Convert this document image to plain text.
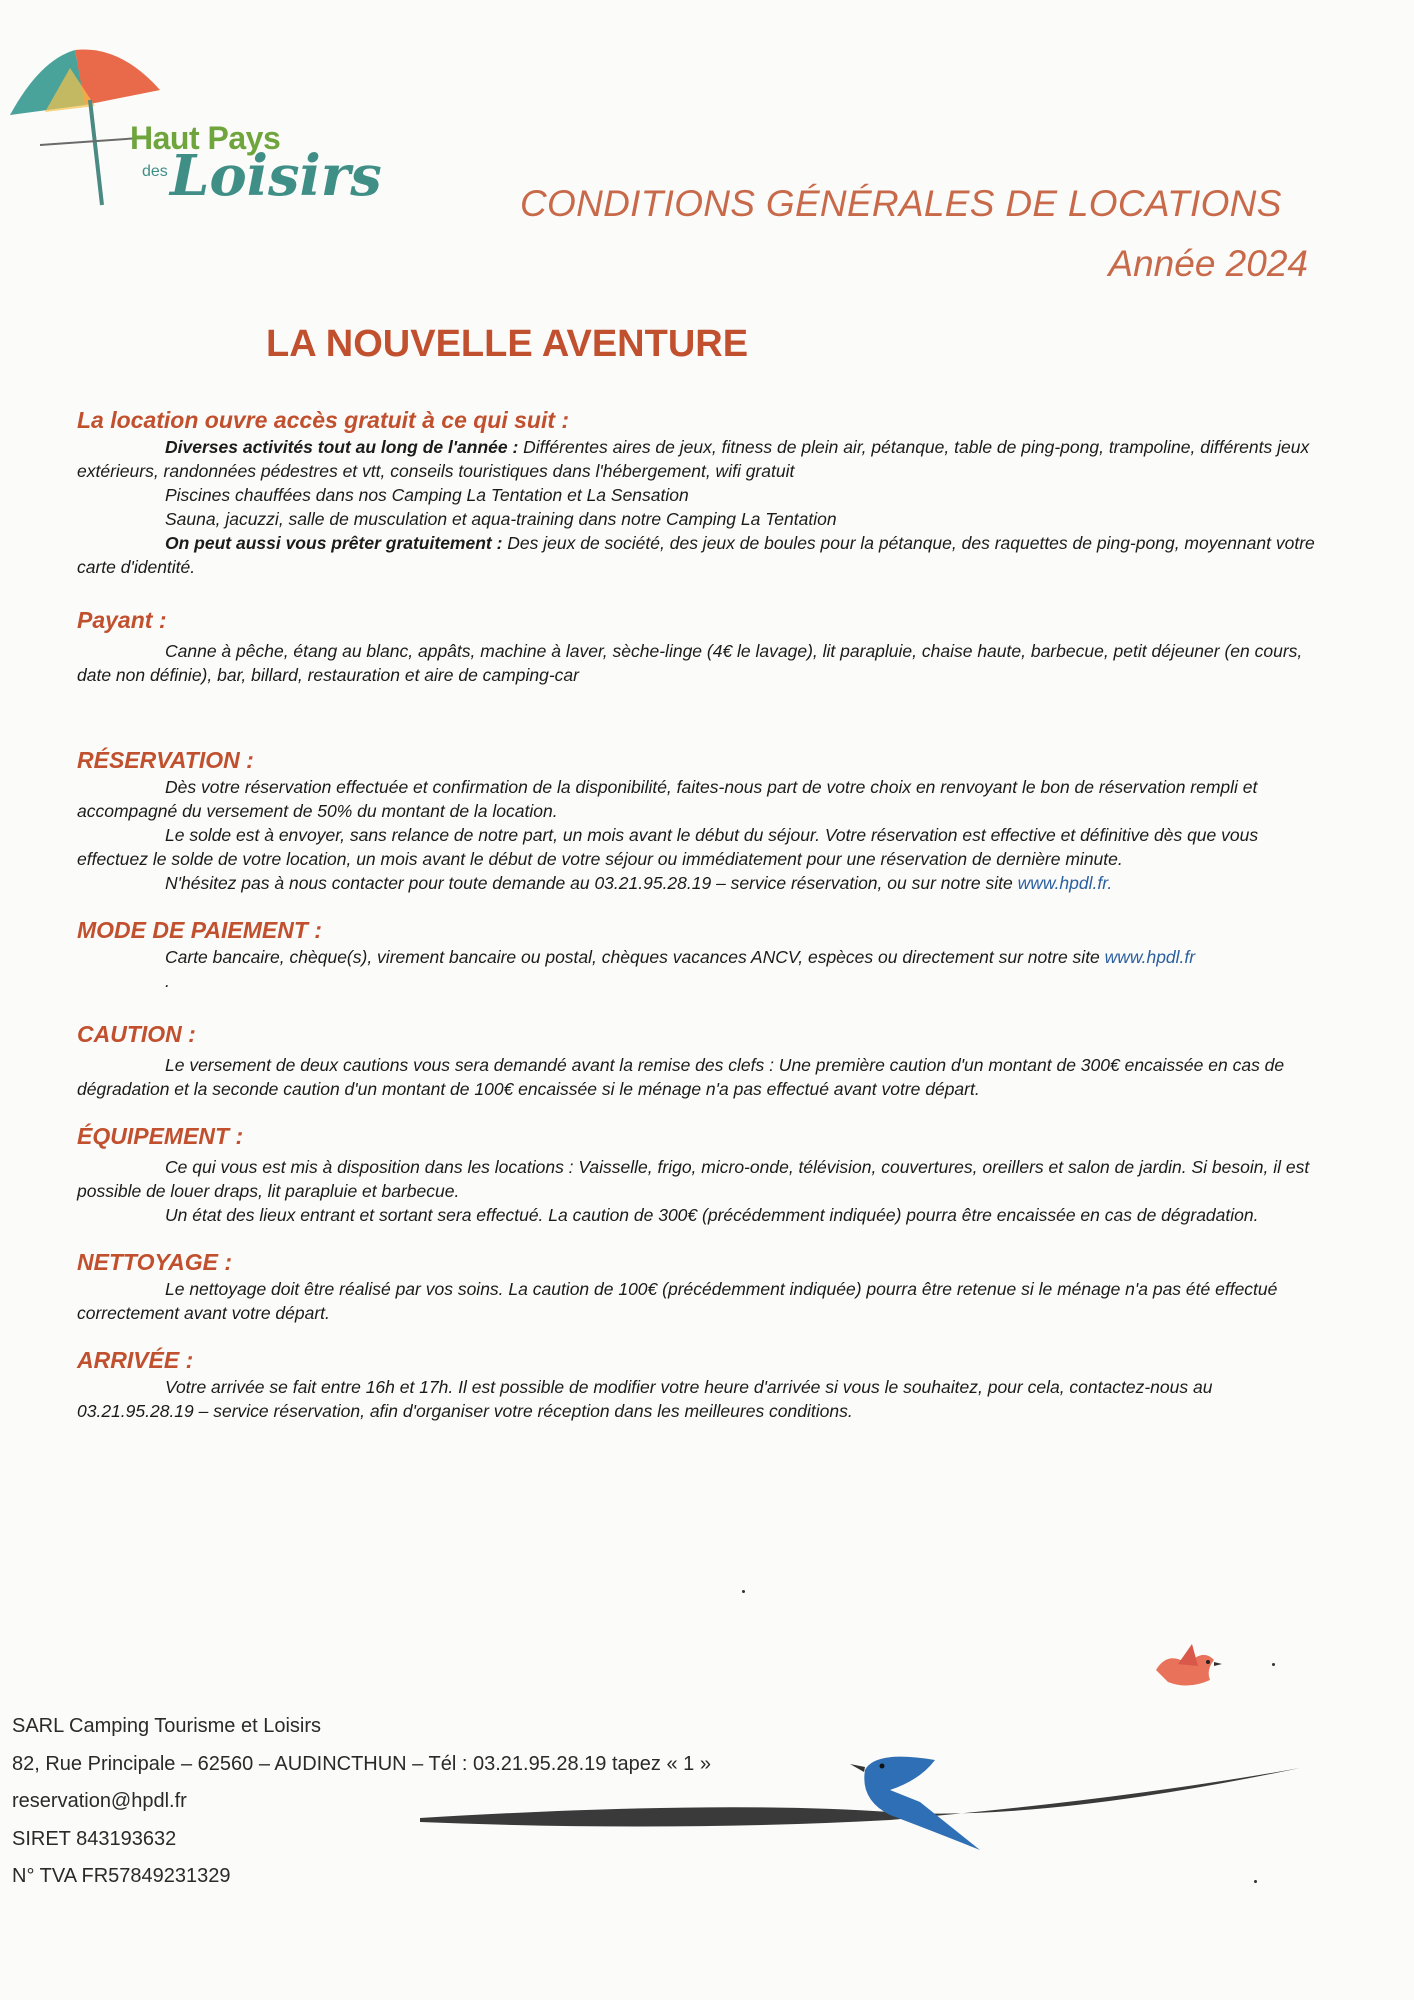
Haut Pays
des Loisirs	CONDITIONS GÉNÉRALES DE LOCATIONS
Année 2024
LA NOUVELLE AVENTURE
La location ouvre accès gratuit à ce qui suit :

Diverses activités tout au long de l'année : Différentes aires de jeux, fitness de plein air, pétanque, table de ping-pong, trampoline, différents jeux extérieurs, randonnées pédestres et vtt, conseils touristiques dans l'hébergement, wifi gratuit

Piscines chauffées dans nos Camping La Tentation et La Sensation

Sauna, jacuzzi, salle de musculation et aqua-training dans notre Camping La Tentation

On peut aussi vous prêter gratuitement : Des jeux de société, des jeux de boules pour la pétanque, des raquettes de ping-pong, moyennant votre carte d'identité.

Payant :

Canne à pêche, étang au blanc, appâts, machine à laver, sèche-linge (4€ le lavage), lit parapluie, chaise haute, barbecue, petit déjeuner (en cours, date non définie), bar, billard, restauration et aire de camping-car

RÉSERVATION :

Dès votre réservation effectuée et confirmation de la disponibilité, faites-nous part de votre choix en renvoyant le bon de réservation rempli et accompagné du versement de 50% du montant de la location.

Le solde est à envoyer, sans relance de notre part, un mois avant le début du séjour. Votre réservation est effective et définitive dès que vous effectuez le solde de votre location, un mois avant le début de votre séjour ou immédiatement pour une réservation de dernière minute.

N'hésitez pas à nous contacter pour toute demande au 03.21.95.28.19 – service réservation, ou sur notre site www.hpdl.fr.

MODE DE PAIEMENT :

Carte bancaire, chèque(s), virement bancaire ou postal, chèques vacances ANCV, espèces ou directement sur notre site www.hpdl.fr

.

CAUTION :

Le versement de deux cautions vous sera demandé avant la remise des clefs : Une première caution d'un montant de 300€ encaissée en cas de dégradation et la seconde caution d'un montant de 100€ encaissée si le ménage n'a pas effectué avant votre départ.

ÉQUIPEMENT :

Ce qui vous est mis à disposition dans les locations : Vaisselle, frigo, micro-onde, télévision, couvertures, oreillers et salon de jardin. Si besoin, il est possible de louer draps, lit parapluie et barbecue.

Un état des lieux entrant et sortant sera effectué. La caution de 300€ (précédemment indiquée) pourra être encaissée en cas de dégradation.

NETTOYAGE :

Le nettoyage doit être réalisé par vos soins. La caution de 100€ (précédemment indiquée) pourra être retenue si le ménage n'a pas été effectué correctement avant votre départ.

ARRIVÉE :

Votre arrivée se fait entre 16h et 17h. Il est possible de modifier votre heure d'arrivée si vous le souhaitez, pour cela, contactez-nous au 03.21.95.28.19 – service réservation, afin d'organiser votre réception dans les meilleures conditions.

SARL Camping Tourisme et Loisirs
82, Rue Principale – 62560 – AUDINCTHUN – Tél : 03.21.95.28.19 tapez « 1 »
reservation@hpdl.fr
SIRET 843193632
N° TVA FR57849231329
